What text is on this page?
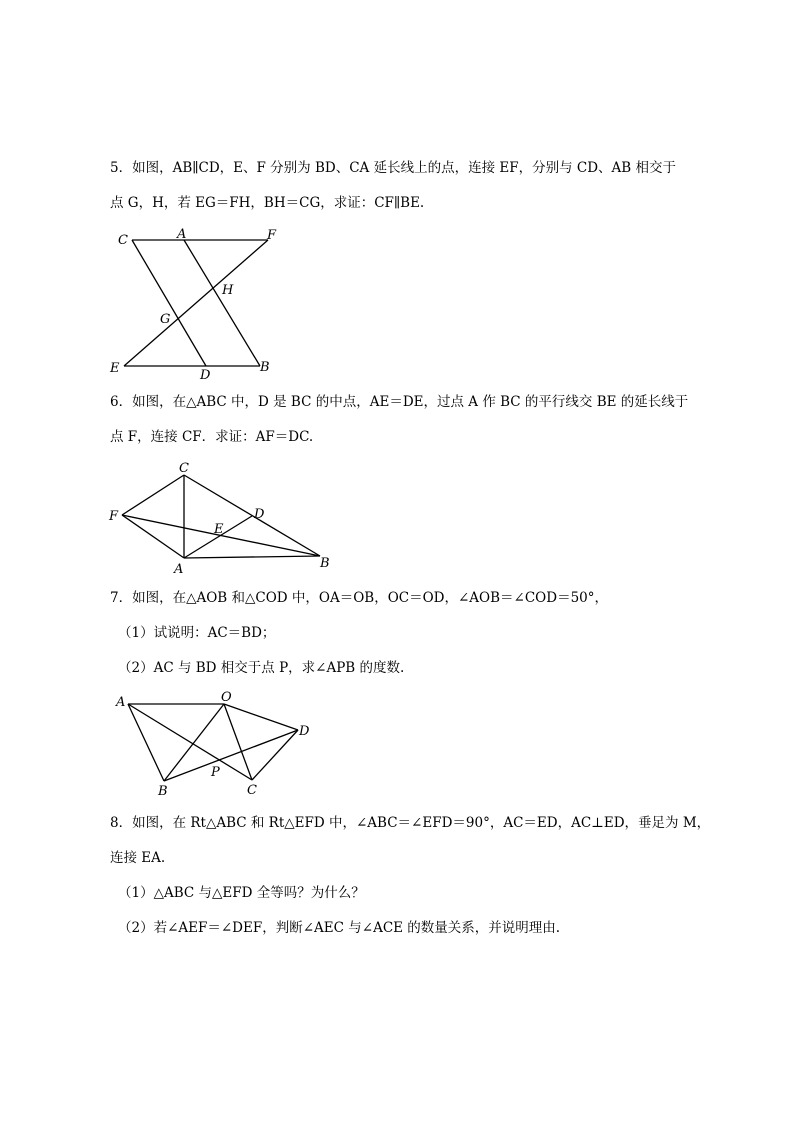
5．如图，AB∥CD，E、F 分别为 BD、CA 延长线上的点，连接 EF，分别与 CD、AB 相交于
点 G，H，若 EG＝FH，BH＝CG，求证：CF∥BE.
C	A	F
H
G
E	D
B
6．如图，在△ABC 中，D 是 BC 的中点，AE＝DE，过点 A 作 BC 的平行线交 BE 的延长线于
点 F，连接 CF．求证：AF＝DC.
C
F	D
E
A	B
7．如图，在△AOB 和△COD 中，OA＝OB，OC＝OD，∠AOB＝∠COD＝50°，
（1）试说明：AC＝BD；
（2）AC 与 BD 相交于点 P，求∠APB 的度数.
A	O
D
P
B	C
8．如图，在 Rt△ABC 和 Rt△EFD 中，∠ABC＝∠EFD＝90°，AC＝ED，AC⊥ED，垂足为 M，
连接 EA.
（1）△ABC 与△EFD 全等吗？为什么？
（2）若∠AEF＝∠DEF，判断∠AEC 与∠ACE 的数量关系，并说明理由.
